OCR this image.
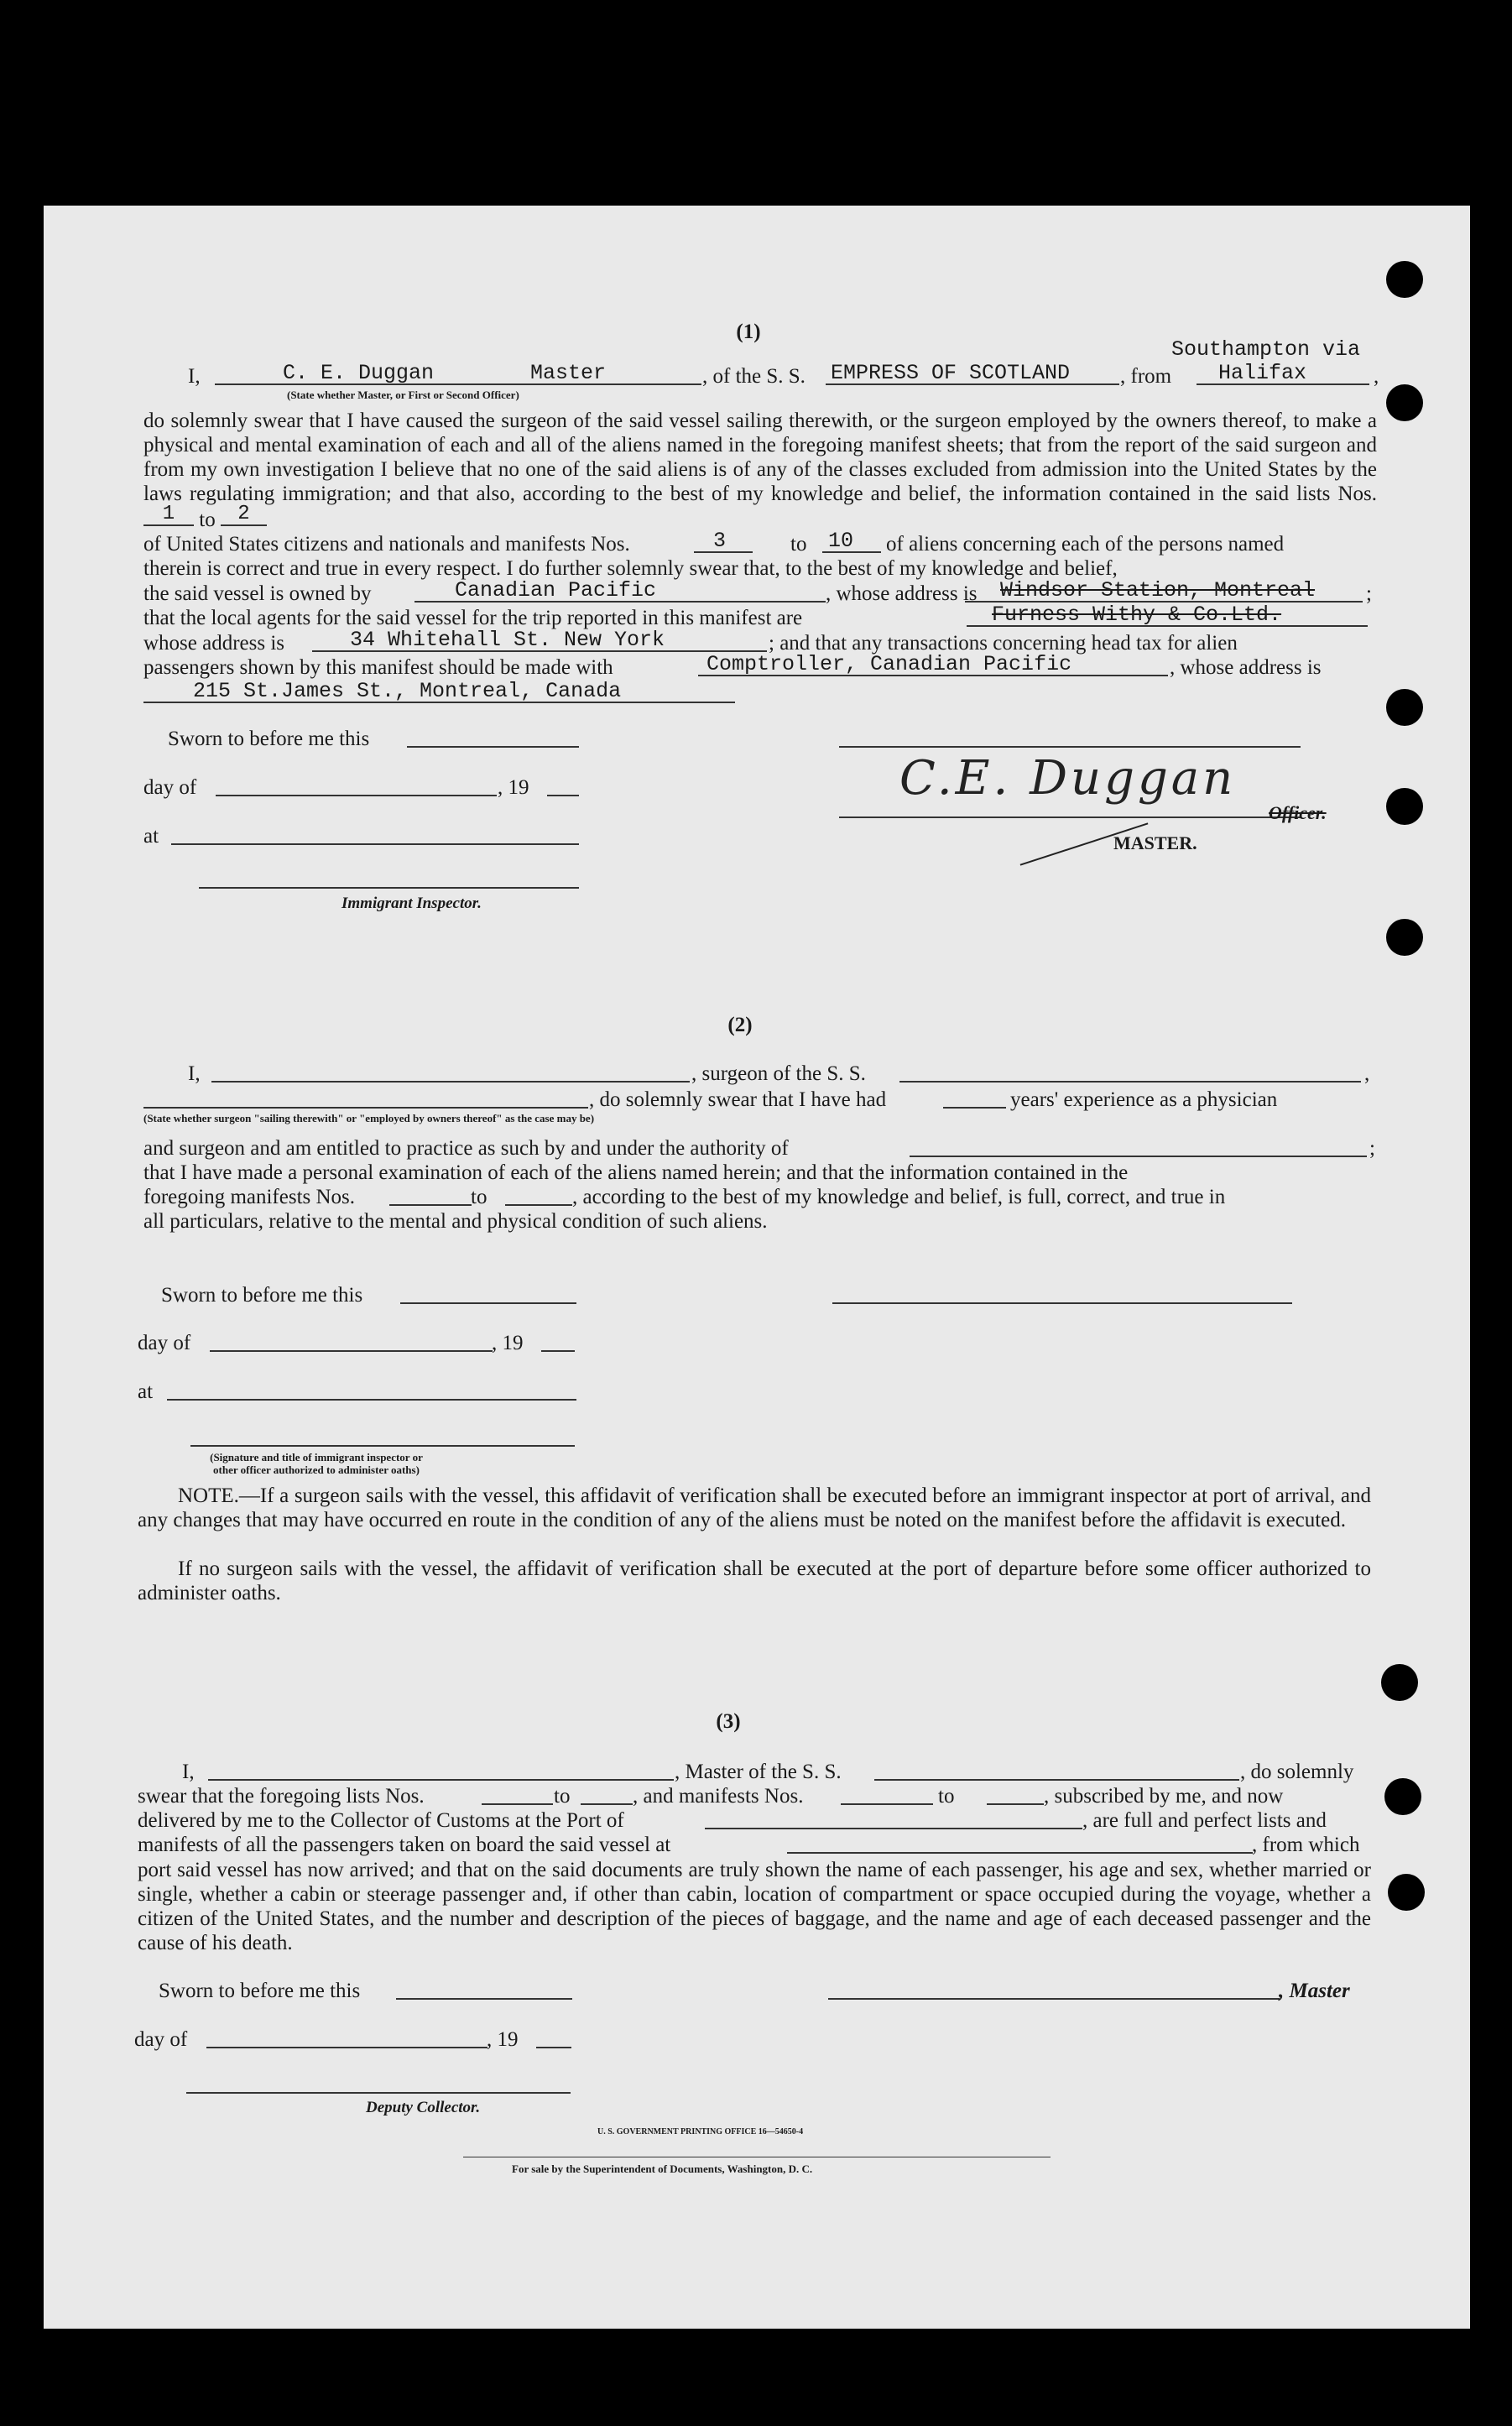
(1)
Southampton via
I,	C. E. Duggan	Master	, of the S. S. EMPRESS OF SCOTLAND , from Halifax	,
(State whether Master, or First or Second Officer)
do solemnly swear that I have caused the surgeon of the said vessel sailing therewith, or the surgeon employed by the owners thereof, to make a physical and mental examination of each and all of the aliens named in the foregoing manifest sheets; that from the report of the said surgeon and from my own investigation I believe that no one of the said aliens is of any of the classes excluded from admission into the United States by the laws regulating immigration; and that also, according to the best of my knowledge and belief, the information contained in the said lists Nos.
1	to	2
of United States citizens and nationals and manifests Nos.	3	to 10 of aliens concerning each of the persons named
therein is correct and true in every respect. I do further solemnly swear that, to the best of my knowledge and belief,
the said vessel is owned by	Canadian Pacific	, whose address is Windsor Station, Montreal ;
that the local agents for the said vessel for the trip reported in this manifest are	Furness Withy & Co.Ltd.
whose address is	34 Whitehall St. New York	; and that any transactions concerning head tax for alien
passengers shown by this manifest should be made with	Comptroller, Canadian Pacific	, whose address is
215 St.James St., Montreal, Canada
Sworn to before me this
day of	, 19	C.E. Duggan
Officer.
MASTER.
at
Immigrant Inspector.
(2)
I,	, surgeon of the S. S.	,
, do solemnly swear that I have had	years' experience as a physician
(State whether surgeon "sailing therewith" or "employed by owners thereof" as the case may be)
and surgeon and am entitled to practice as such by and under the authority of	;
that I have made a personal examination of each of the aliens named herein; and that the information contained in the
foregoing manifests Nos.	to	, according to the best of my knowledge and belief, is full, correct, and true in
all particulars, relative to the mental and physical condition of such aliens.
Sworn to before me this
day of	, 19
at
(Signature and title of immigrant inspector or
other officer authorized to administer oaths)
NOTE.—If a surgeon sails with the vessel, this affidavit of verification shall be executed before an immigrant inspector at port of arrival, and any changes that may have occurred en route in the condition of any of the aliens must be noted on the manifest before the affidavit is executed.
If no surgeon sails with the vessel, the affidavit of verification shall be executed at the port of departure before some officer authorized to administer oaths.
(3)
I,	, Master of the S. S.	, do solemnly
swear that the foregoing lists Nos.	to	, and manifests Nos.	to	, subscribed by me, and now
delivered by me to the Collector of Customs at the Port of	, are full and perfect lists and
manifests of all the passengers taken on board the said vessel at	, from which
port said vessel has now arrived; and that on the said documents are truly shown the name of each passenger, his age and sex, whether married or single, whether a cabin or steerage passenger and, if other than cabin, location of compartment or space occupied during the voyage, whether a citizen of the United States, and the number and description of the pieces of baggage, and the name and age of each deceased passenger and the cause of his death.
Sworn to before me this	, Master
day of	, 19
Deputy Collector.
U. S. GOVERNMENT PRINTING OFFICE 16—54650-4
For sale by the Superintendent of Documents, Washington, D. C.
